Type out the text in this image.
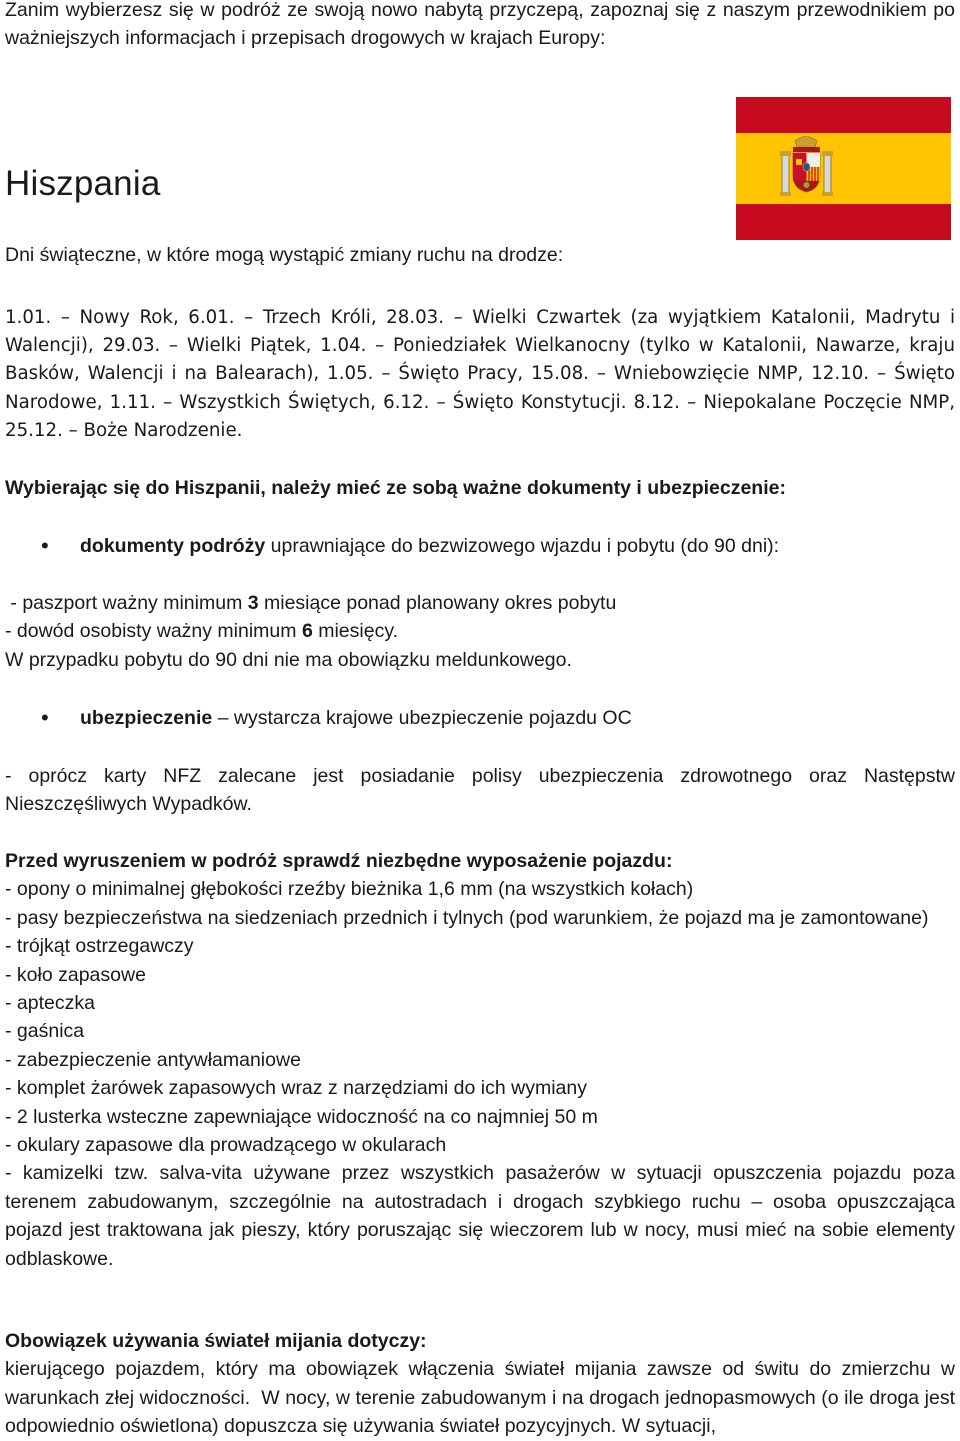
Zanim wybierzesz się w podróż ze swoją nowo nabytą przyczepą, zapoznaj się z naszym przewodnikiem po ważniejszych informacjach i przepisach drogowych w krajach Europy:

Hiszpania

Dni świąteczne, w które mogą wystąpić zmiany ruchu na drodze:

1.01. – Nowy Rok, 6.01. – Trzech Króli, 28.03. – Wielki Czwartek (za wyjątkiem Katalonii, Madrytu i Walencji), 29.03. – Wielki Piątek, 1.04. – Poniedziałek Wielkanocny (tylko w Katalonii, Nawarze, kraju Basków, Walencji i na Balearach), 1.05. – Święto Pracy, 15.08. – Wniebowzięcie NMP, 12.10. – Święto Narodowe, 1.11. – Wszystkich Świętych, 6.12. – Święto Konstytucji. 8.12. – Niepokalane Poczęcie NMP, 25.12. – Boże Narodzenie.

Wybierając się do Hiszpanii, należy mieć ze sobą ważne dokumenty i ubezpieczenie:

•	dokumenty podróży uprawniające do bezwizowego wjazdu i pobytu (do 90 dni):
- paszport ważny minimum 3 miesiące ponad planowany okres pobytu
- dowód osobisty ważny minimum 6 miesięcy.
W przypadku pobytu do 90 dni nie ma obowiązku meldunkowego.
•	ubezpieczenie – wystarcza krajowe ubezpieczenie pojazdu OC

- oprócz karty NFZ zalecane jest posiadanie polisy ubezpieczenia zdrowotnego oraz Następstw Nieszczęśliwych Wypadków.

Przed wyruszeniem w podróż sprawdź niezbędne wyposażenie pojazdu:

- opony o minimalnej głębokości rzeźby bieżnika 1,6 mm (na wszystkich kołach)

- pasy bezpieczeństwa na siedzeniach przednich i tylnych (pod warunkiem, że pojazd ma je zamontowane)

- trójkąt ostrzegawczy

- koło zapasowe

- apteczka

- gaśnica

- zabezpieczenie antywłamaniowe

- komplet żarówek zapasowych wraz z narzędziami do ich wymiany

- 2 lusterka wsteczne zapewniające widoczność na co najmniej 50 m

- okulary zapasowe dla prowadzącego w okularach

- kamizelki tzw. salva-vita używane przez wszystkich pasażerów w sytuacji opuszczenia pojazdu poza terenem zabudowanym, szczególnie na autostradach i drogach szybkiego ruchu – osoba opuszczająca pojazd jest traktowana jak pieszy, który poruszając się wieczorem lub w nocy, musi mieć na sobie elementy odblaskowe.

Obowiązek używania świateł mijania dotyczy:

kierującego pojazdem, który ma obowiązek włączenia świateł mijania zawsze od świtu do zmierzchu w warunkach złej widoczności.  W nocy, w terenie zabudowanym i na drogach jednopasmowych (o ile droga jest odpowiednio oświetlona) dopuszcza się używania świateł pozycyjnych. W sytuacji,
